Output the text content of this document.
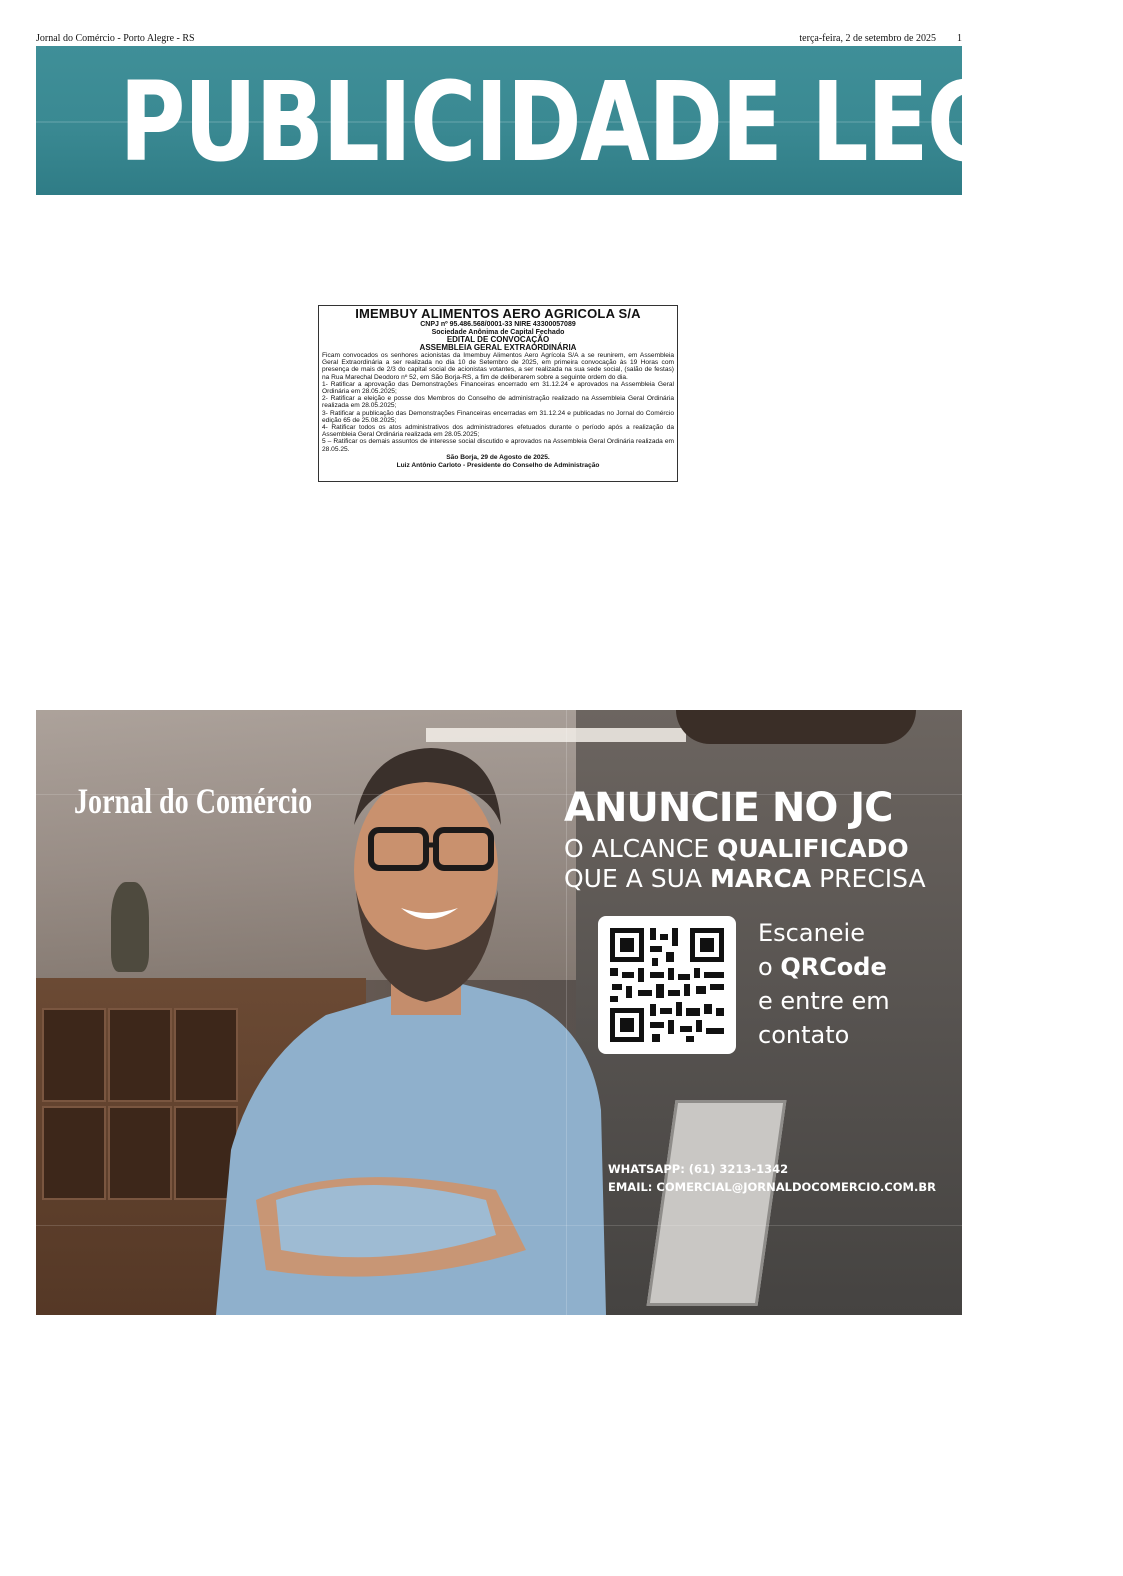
Jornal do Comércio - Porto Alegre - RS	terça-feira, 2 de setembro de 2025 1
PUBLICIDADE LEGAL
IMEMBUY ALIMENTOS AERO AGRICOLA S/A
CNPJ nº 95.486.568/0001-33 NIRE 43300057089
Sociedade Anônima de Capital Fechado
EDITAL DE CONVOCAÇÃO
ASSEMBLEIA GERAL EXTRAORDINÁRIA

Ficam convocados os senhores acionistas da Imembuy Alimentos Aero Agrícola S/A a se reunirem, em Assembleia Geral Extraordinária a ser realizada no dia 10 de Setembro de 2025, em primeira convocação às 19 Horas com presença de mais de 2/3 do capital social de acionistas votantes, a ser realizada na sua sede social, (salão de festas) na Rua Marechal Deodoro nº 52, em São Borja-RS, a fim de deliberarem sobre a seguinte ordem do dia.

1- Ratificar a aprovação das Demonstrações Financeiras encerrado em 31.12.24 e aprovados na Assembleia Geral Ordinária em 28.05.2025;

2- Ratificar a eleição e posse dos Membros do Conselho de administração realizado na Assembleia Geral Ordinária realizada em 28.05.2025;

3- Ratificar a publicação das Demonstrações Financeiras encerradas em 31.12.24 e publicadas no Jornal do Comércio edição 65 de 25.08.2025;

4- Ratificar todos os atos administrativos dos administradores efetuados durante o período após a realização da Assembleia Geral Ordinária realizada em 28.05.2025;

5 – Ratificar os demais assuntos de interesse social discutido e aprovados na Assembleia Geral Ordinária realizada em 28.05.25.

São Borja, 29 de Agosto de 2025.
Luiz Antônio Carloto - Presidente do Conselho de Administração
Jornal do Comércio	ANUNCIE NO JC
O ALCANCE QUALIFICADO
QUE A SUA MARCA PRECISA
Escaneie
o QRCode
e entre em
contato
WHATSAPP: (61) 3213-1342
EMAIL: COMERCIAL@JORNALDOCOMERCIO.COM.BR
